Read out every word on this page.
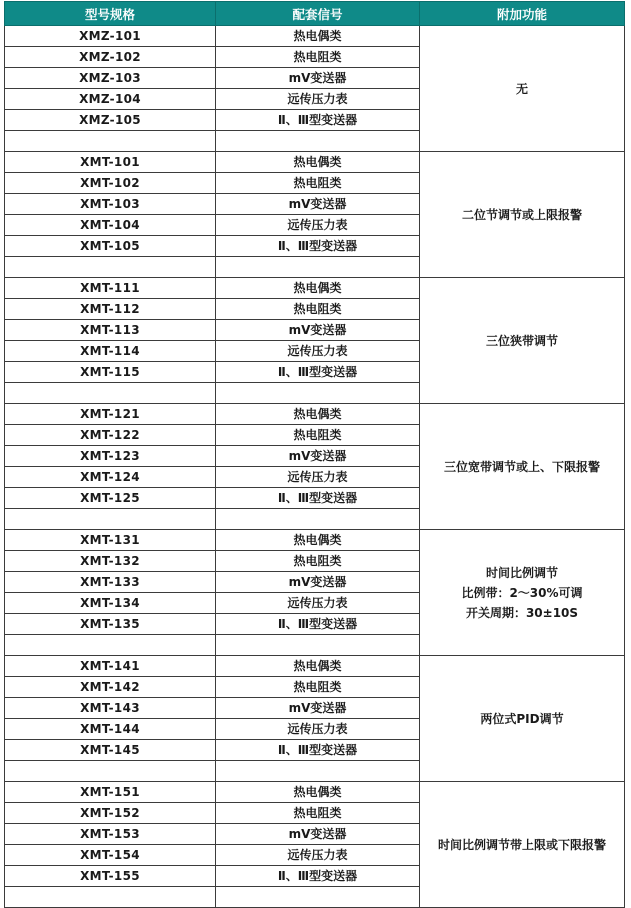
型号规格	配套信号	附加功能
XMZ-101	热电偶类	无

XMZ-102	热电阻类	
XMZ-103	mV变送器	
XMZ-104	远传压力表	
XMZ-105	Ⅱ、Ⅲ型变送器	

XMT-101	热电偶类	二位节调节或上限报警

XMT-102	热电阻类	
XMT-103	mV变送器	
XMT-104	远传压力表	
XMT-105	Ⅱ、Ⅲ型变送器	

XMT-111	热电偶类	三位狭带调节

XMT-112	热电阻类	
XMT-113	mV变送器	
XMT-114	远传压力表	
XMT-115	Ⅱ、Ⅲ型变送器	

XMT-121	热电偶类	三位宽带调节或上、下限报警

XMT-122	热电阻类	
XMT-123	mV变送器	
XMT-124	远传压力表	
XMT-125	Ⅱ、Ⅲ型变送器	

XMT-131	热电偶类	时间比例调节
比例带：2～30%可调
开关周期：30±10S

XMT-132	热电阻类	
XMT-133	mV变送器	
XMT-134	远传压力表	
XMT-135	Ⅱ、Ⅲ型变送器	

XMT-141	热电偶类	两位式PID调节

XMT-142	热电阻类	
XMT-143	mV变送器	
XMT-144	远传压力表	
XMT-145	Ⅱ、Ⅲ型变送器	

XMT-151	热电偶类	时间比例调节带上限或下限报警

XMT-152	热电阻类	
XMT-153	mV变送器	
XMT-154	远传压力表	
XMT-155	Ⅱ、Ⅲ型变送器	
